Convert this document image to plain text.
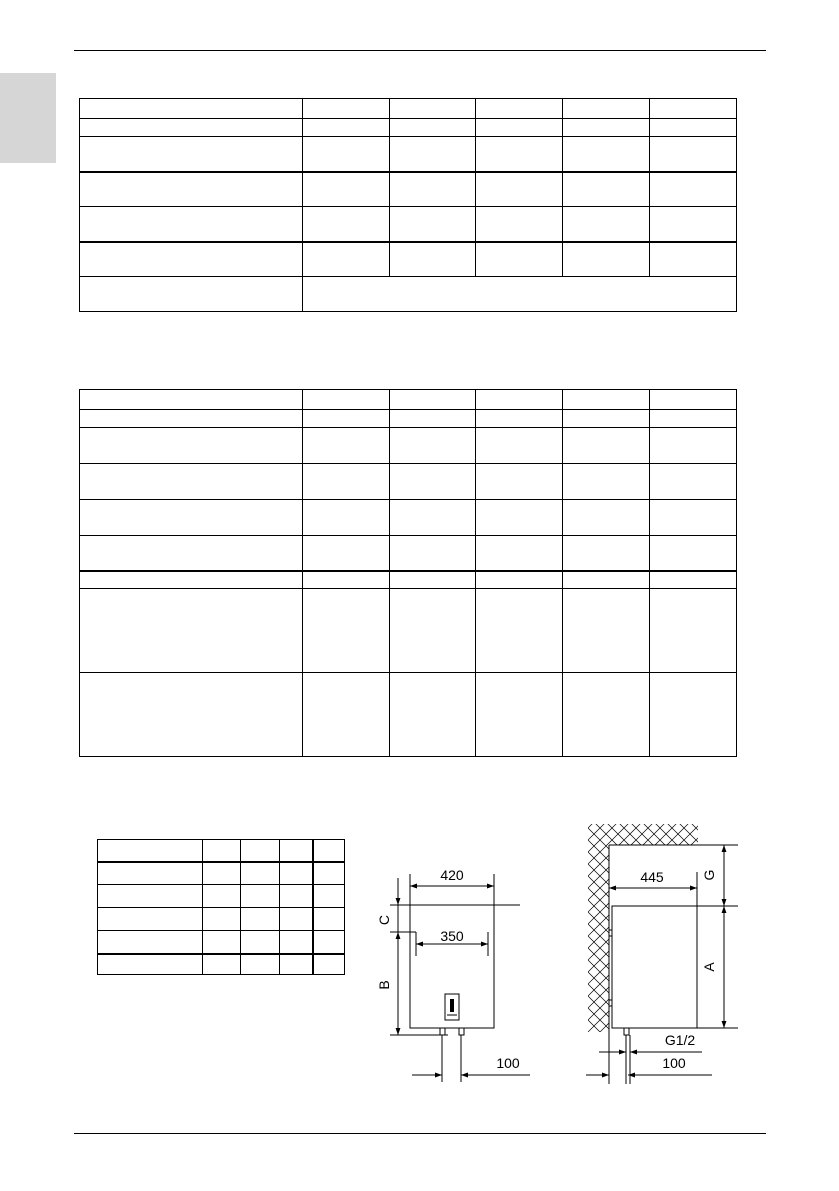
420
350
C
B
100
445	G
A
G1/2
100
